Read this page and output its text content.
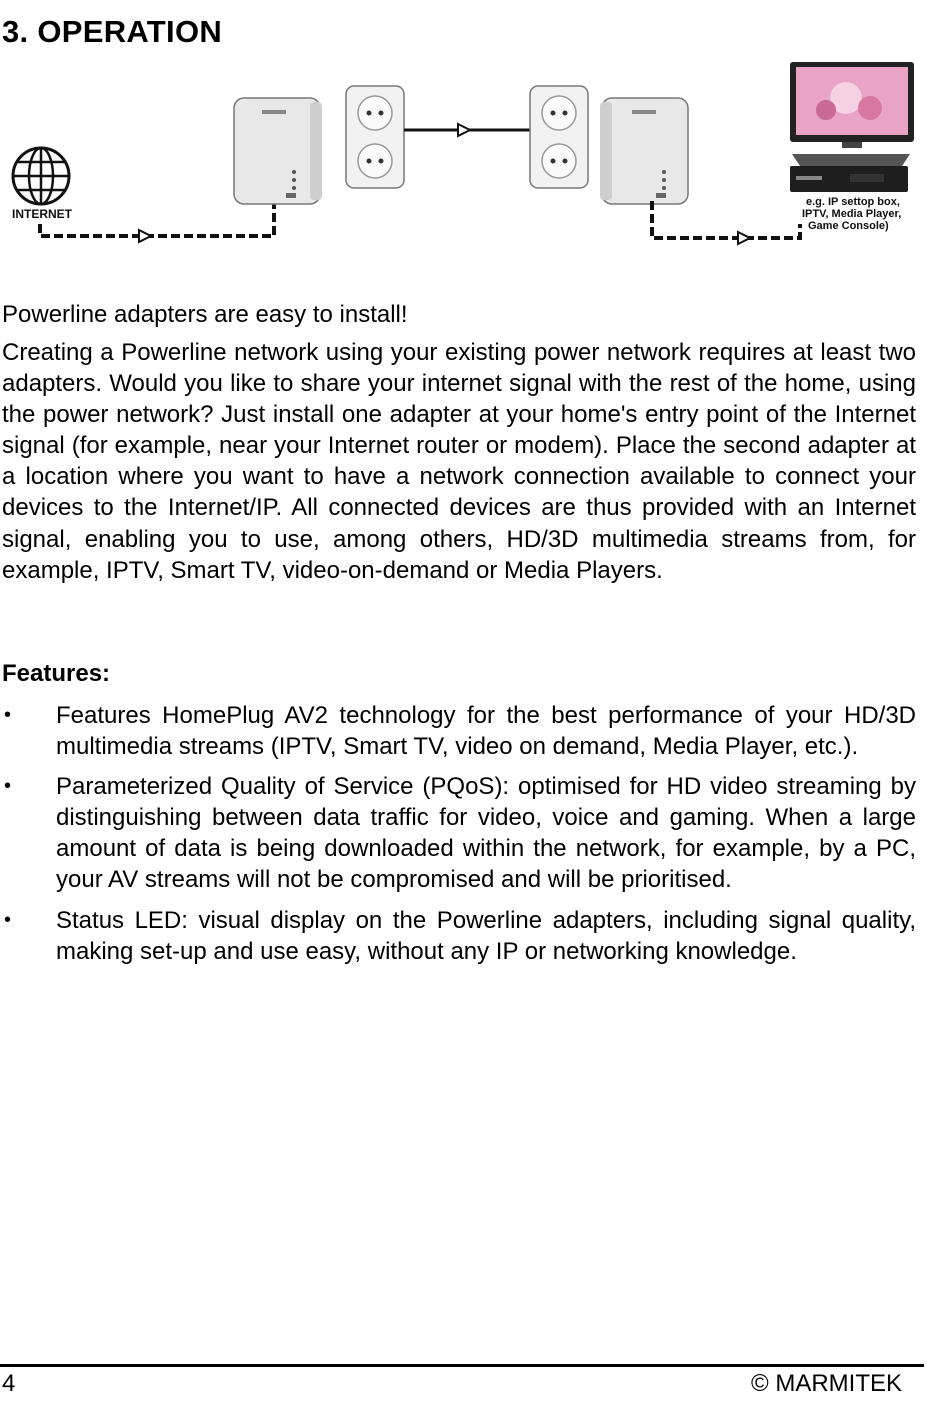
3. OPERATION
INTERNET
e.g. IP settop box,
IPTV, Media Player,
Game Console)

Powerline adapters are easy to install!

Creating a Powerline network using your existing power network requires at least two adapters. Would you like to share your internet signal with the rest of the home, using the power network? Just install one adapter at your home's entry point of the Internet signal (for example, near your Internet router or modem). Place the second adapter at a location where you want to have a network connection available to connect your devices to the Internet/IP. All connected devices are thus provided with an Internet signal, enabling you to use, among others, HD/3D multimedia streams from, for example, IPTV, Smart TV, video-on-demand or Media Players.

Features:

• Features HomePlug AV2 technology for the best performance of your HD/3D multimedia streams (IPTV, Smart TV, video on demand, Media Player, etc.).
• Parameterized Quality of Service (PQoS): optimised for HD video streaming by distinguishing between data traffic for video, voice and gaming. When a large amount of data is being downloaded within the network, for example, by a PC, your AV streams will not be compromised and will be prioritised.
• Status LED: visual display on the Powerline adapters, including signal quality, making set-up and use easy, without any IP or networking knowledge.
4	© MARMITEK
